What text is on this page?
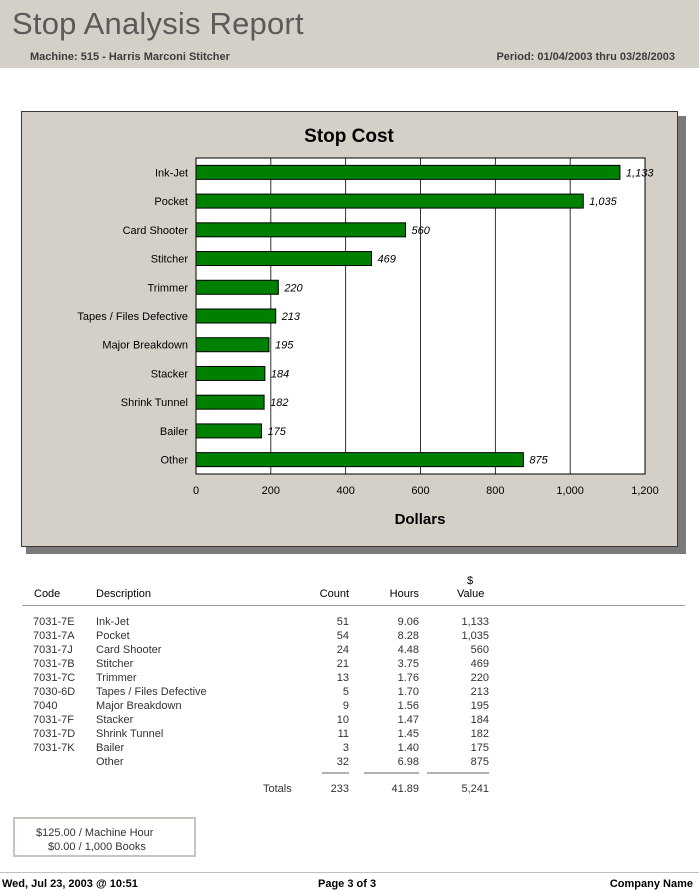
Stop Analysis Report
Machine: 515 - Harris Marconi Stitcher	Period: 01/04/2003 thru 03/28/2003
Stop Cost
Ink-Jet
Pocket
Card Shooter
Stitcher
Trimmer
Tapes / Files Defective
Major Breakdown
Stacker
Shrink Tunnel
Bailer
Other
1,133
1,035
560
469
220
213
195
184
182
175
875
0	200	400	600	800	1,000	1,200
Dollars
Code	Description	Count	Hours
$
Value
7031-7E Ink-Jet	51	9.06	1,133
7031-7A Pocket	54	8.28	1,035
7031-7J Card Shooter	24	4.48	560
7031-7B Stitcher	21	3.75	469
7031-7C Trimmer	13	1.76	220
7030-6D Tapes / Files Defective	5	1.70	213
7040	Major Breakdown	9	1.56	195
7031-7F Stacker	10	1.47	184
7031-7D Shrink Tunnel	11	1.45	182
7031-7K Bailer	3	1.40	175
Other	32	6.98	875
Totals	233	41.89	5,241
$125.00 / Machine Hour
$0.00 / 1,000 Books
Wed, Jul 23, 2003 @ 10:51	Page 3 of 3	Company Name
